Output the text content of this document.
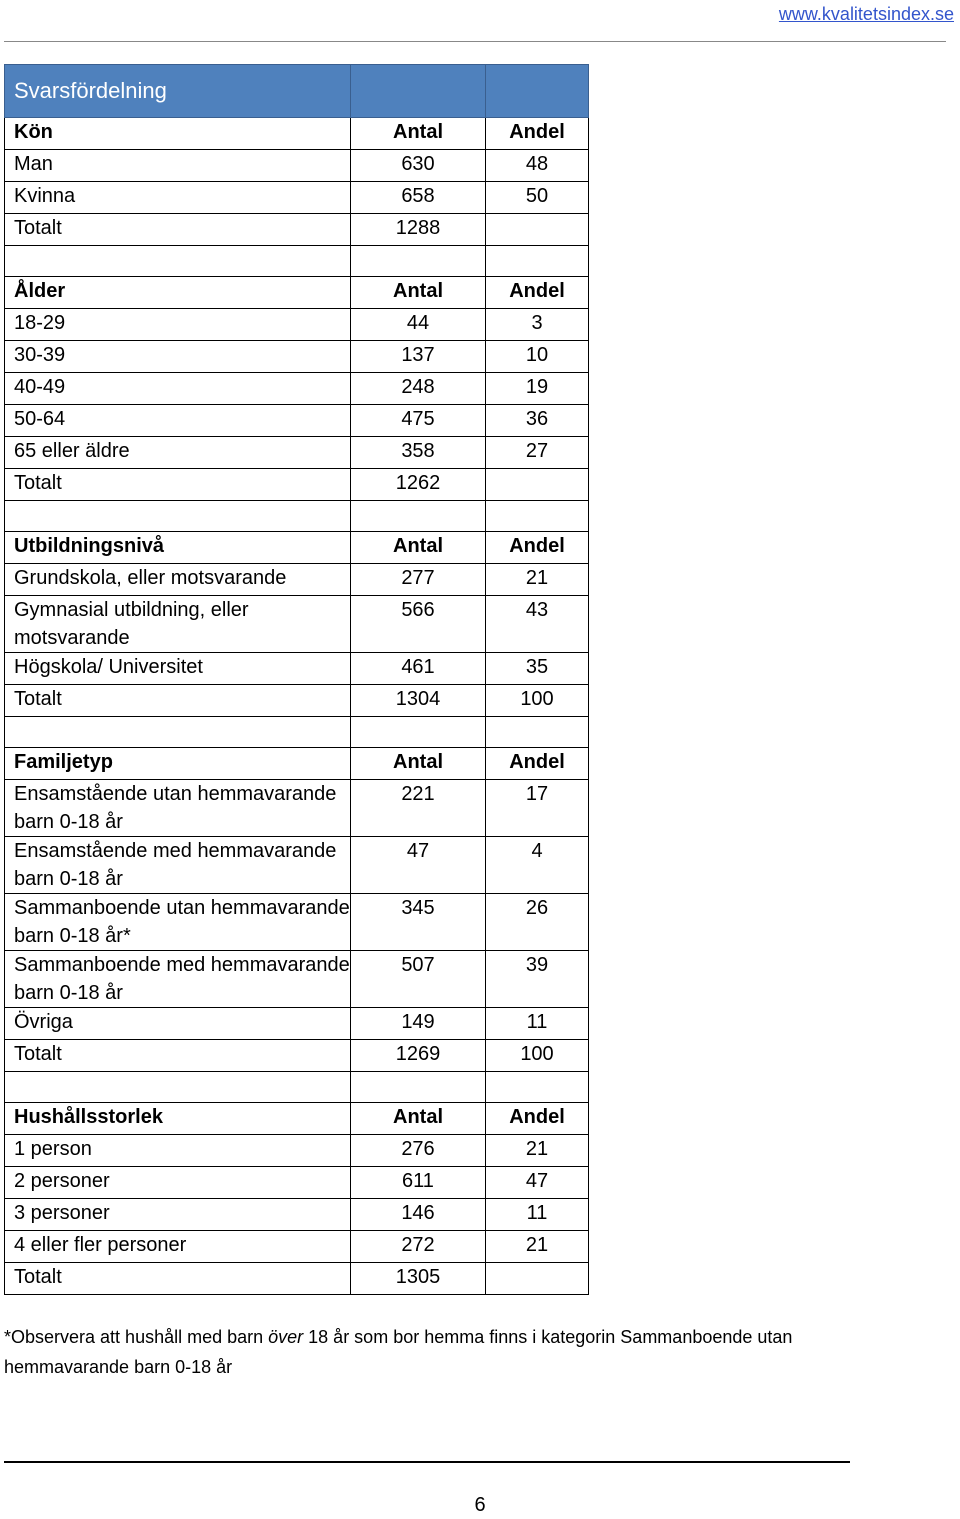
www.kvalitetsindex.se
Svarsfördelning		
Kön	Antal	Andel
Man	630	48
Kvinna	658	50
Totalt	1288	

Ålder	Antal	Andel
18-29	44	3
30-39	137	10
40-49	248	19
50-64	475	36
65 eller äldre	358	27
Totalt	1262	

Utbildningsnivå	Antal	Andel
Grundskola, eller motsvarande	277	21
Gymnasial utbildning, eller motsvarande	566	43
Högskola/ Universitet	461	35
Totalt	1304	100

Familjetyp	Antal	Andel
Ensamstående utan hemmavarande barn 0-18 år	221	17
Ensamstående med hemmavarande barn 0-18 år	47	4
Sammanboende utan hemmavarande barn 0-18 år*	345	26
Sammanboende med hemmavarande barn 0-18 år	507	39
Övriga	149	11
Totalt	1269	100

Hushållsstorlek	Antal	Andel
1 person	276	21
2 personer	611	47
3 personer	146	11
4 eller fler personer	272	21
Totalt	1305	
*Observera att hushåll med barn över 18 år som bor hemma finns i kategorin Sammanboende utan hemmavarande barn 0-18 år
6
